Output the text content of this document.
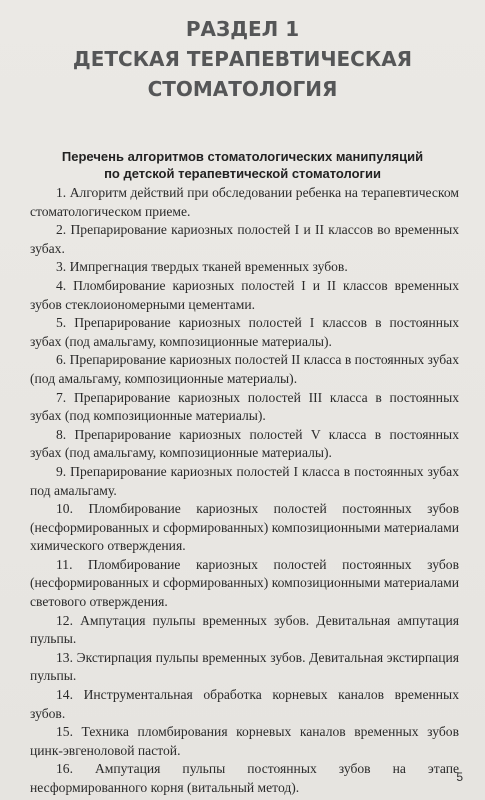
РАЗДЕЛ 1
ДЕТСКАЯ ТЕРАПЕВТИЧЕСКАЯ
СТОМАТОЛОГИЯ
Перечень алгоритмов стоматологических манипуляций
по детской терапевтической стоматологии

1. Алгоритм действий при обследовании ребенка на терапевтическом стоматологическом приеме.

2. Препарирование кариозных полостей I и II классов во временных зубах.

3. Импрегнация твердых тканей временных зубов.

4. Пломбирование кариозных полостей I и II классов временных зубов стеклоиономерными цементами.

5. Препарирование кариозных полостей I классов в постоянных зубах (под амальгаму, композиционные материалы).

6. Препарирование кариозных полостей II класса в постоянных зубах (под амальгаму, композиционные материалы).

7. Препарирование кариозных полостей III класса в постоянных зубах (под композиционные материалы).

8. Препарирование кариозных полостей V класса в постоянных зубах (под амальгаму, композиционные материалы).

9. Препарирование кариозных полостей I класса в постоянных зубах под амальгаму.

10. Пломбирование кариозных полостей постоянных зубов (несформированных и сформированных) композиционными материалами химического отверждения.

11. Пломбирование кариозных полостей постоянных зубов (несформированных и сформированных) композиционными материалами светового отверждения.

12. Ампутация пульпы временных зубов. Девитальная ампутация пульпы.

13. Экстирпация пульпы временных зубов. Девитальная экстирпация пульпы.

14. Инструментальная обработка корневых каналов временных зубов.

15. Техника пломбирования корневых каналов временных зубов цинк-эвгеноловой пастой.

16. Ампутация пульпы постоянных зубов на этапе несформированного корня (витальный метод).

5
